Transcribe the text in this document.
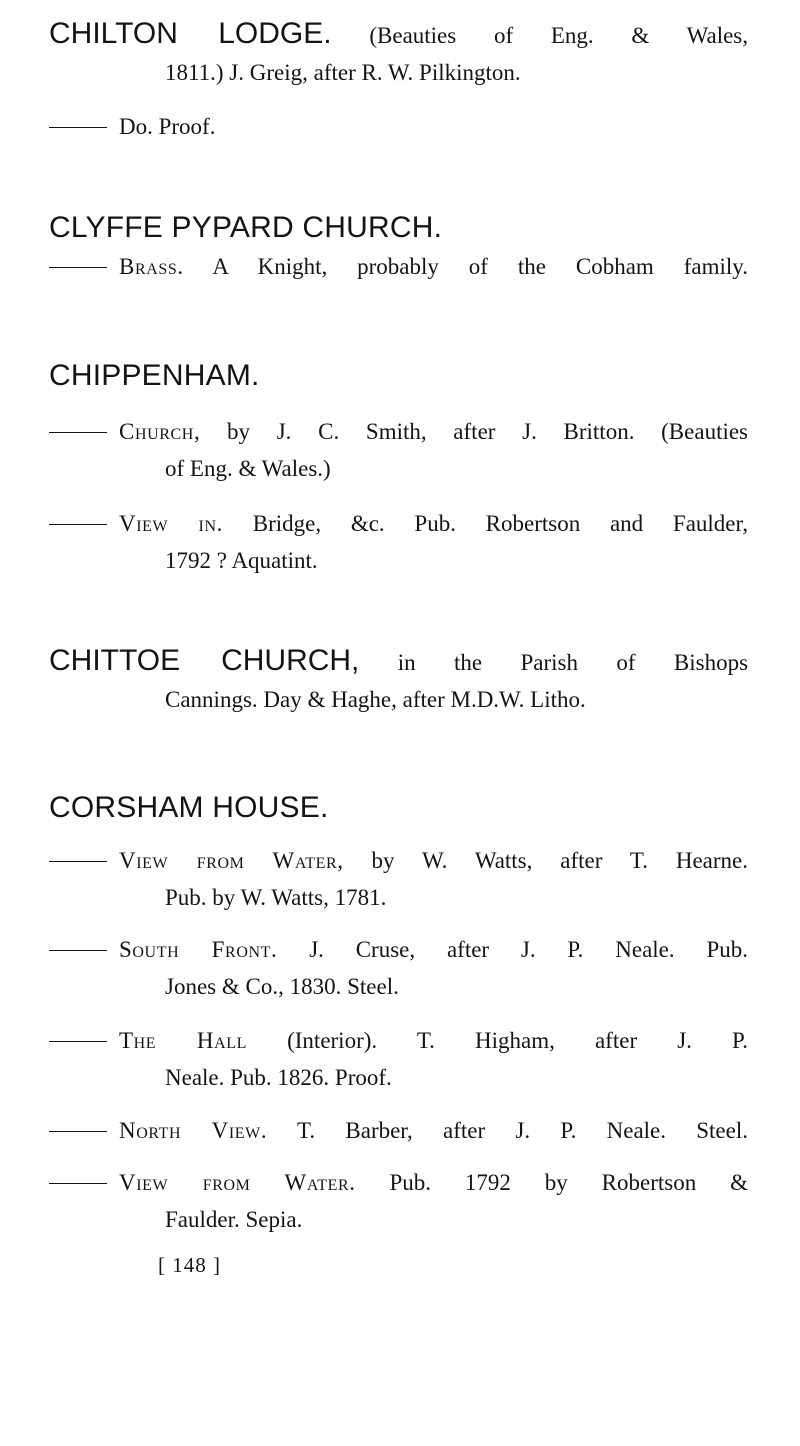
CHILTON LODGE. (Beauties of Eng. & Wales,
1811.) J. Greig, after R. W. Pilkington.
Do. Proof.
CLYFFE PYPARD CHURCH.
Brass. A Knight, probably of the Cobham family.
CHIPPENHAM.
Church, by J. C. Smith, after J. Britton. (Beauties
of Eng. & Wales.)
View in. Bridge, &c. Pub. Robertson and Faulder,
1792 ? Aquatint.
CHITTOE CHURCH, in the Parish of Bishops
Cannings. Day & Haghe, after M.D.W. Litho.
CORSHAM HOUSE.
View from Water, by W. Watts, after T. Hearne.
Pub. by W. Watts, 1781.
South Front. J. Cruse, after J. P. Neale. Pub.
Jones & Co., 1830. Steel.
The Hall (Interior). T. Higham, after J. P.
Neale. Pub. 1826. Proof.
North View. T. Barber, after J. P. Neale. Steel.
View from Water. Pub. 1792 by Robertson &
Faulder. Sepia.
[ 148 ]
